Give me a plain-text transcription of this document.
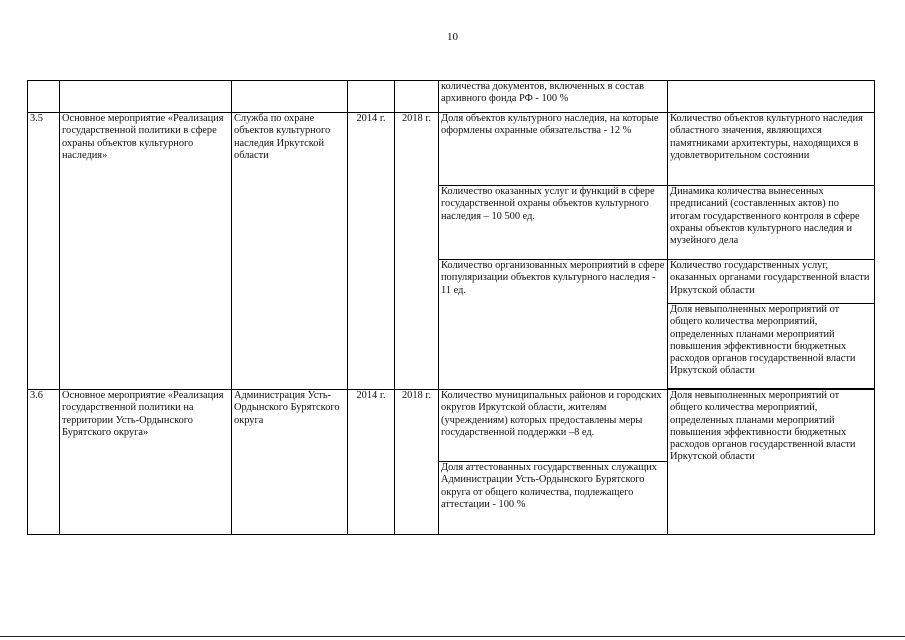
10
					количества документов, включенных в состав архивного фонда РФ - 100 %	
3.5	Основное мероприятие «Реализация государственной политики в сфере охраны объектов культурного наследия»	Служба по охране объектов культурного наследия Иркутской области	2014 г.	2018 г.	Доля объектов культурного наследия, на которые оформлены охранные обязательства - 12 %	Количество объектов культурного наследия областного значения, являющихся памятниками архитектуры, находящихся в удовлетворительном состоянии
					Количество оказанных услуг и функций в сфере государственной охраны объектов культурного наследия – 10 500 ед.	Динамика количества вынесенных предписаний (составленных актов) по итогам государственного контроля в сфере охраны объектов культурного наследия и музейного дела
					Количество организованных мероприятий в сфере популяризации объектов культурного наследия - 11 ед.	Количество государственных услуг, оказанных органами государственной власти Иркутской области
						Доля невыполненных мероприятий от общего количества мероприятий, определенных планами мероприятий повышения эффективности бюджетных расходов органов государственной власти Иркутской области

3.6	Основное мероприятие «Реализация государственной политики на территории Усть-Ордынского Бурятского округа»	Администрация Усть-Ордынского Бурятского округа	2014 г.	2018 г.	Количество муниципальных районов и городских округов Иркутской области, жителям (учреждениям) которых предоставлены меры государственной поддержки –8 ед.	Доля невыполненных мероприятий от общего количества мероприятий, определенных планами мероприятий повышения эффективности бюджетных расходов органов государственной власти Иркутской области
					Доля аттестованных государственных служащих Администрации Усть-Ордынского Бурятского округа от общего количества, подлежащего аттестации - 100 %	
